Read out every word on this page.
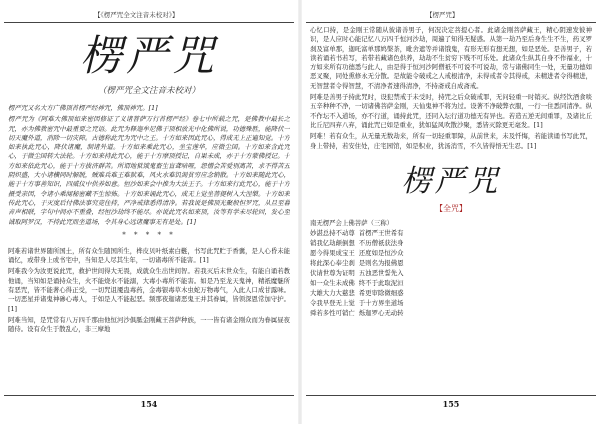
【《楞严咒全文注音未校对》】
楞严咒
（楞严咒全文注音未校对）

楞严咒又名大方广佛顶首楞严经神咒，佛顶神咒。[1]

楞严咒为《阿难大佛顶如来密因修证了义诸菩萨万行首楞严经》卷七中所载之咒，是佛教中最长之咒，亦为佛教密咒中最重要之咒语。此咒为释迦牟尼佛于顶相放光中化佛所说，功德殊胜，能降伏一切天魔外道，消除一切灾障。古德称此咒为咒中之王。十方如来因此咒心，得成无上正遍知觉。十方如来执此咒心，降伏诸魔，制诸外道。十方如来乘此咒心，坐宝莲华，应微尘国。十方如来含此咒心，于微尘国转大法轮。十方如来持此咒心，能于十方摩顶授记，自果未成，亦于十方蒙佛授记。十方如来依此咒心，能于十方拔济群苦。所谓地狱饿鬼畜生盲聋喑哑，怨憎会苦爱别离苦，求不得苦五阴炽盛，大小诸横同时解脱，贼难兵难王难狱难，风火水难饥渴贫穷应念销散。十方如来随此咒心，能于十方事善知识，四威仪中供养如意。恒沙如来会中推为大法王子。十方如来行此咒心，能于十方摄受亲因，令诸小乘闻秘密藏不生惊怖。十方如来诵此咒心，成无上觉坐菩提树入大涅槃。十方如来传此咒心，于灭度后付佛法事究竟住持，严净戒律悉得清净。若我说是佛顶光聚般怛罗咒，从旦至暮音声相联，字句中间亦不重叠，经恒沙劫终不能尽。亦说此咒名如来顶，汝等有学未尽轮回，发心至诚取阿罗汉，不持此咒而坐道场，令其身心远诸魔事无有是处。[1]

* * * * *

阿难若诸世界随所国土，所有众生随国所生，桦皮贝叶纸素白氎，书写此咒贮于香囊，是人心昏未能诵忆，或带身上或书宅中，当知是人尽其生年，一切诸毒所不能害。[1]

阿难我今为汝更说此咒，救护世间得大无畏，成就众生出世间智。若我灭后末世众生，有能自诵若教他诵，当知如是诵持众生，火不能烧水不能溺，大毒小毒所不能害。如是乃至龙天鬼神，精祇魔魅所有恶咒，皆不能著心得正受，一切咒诅魇蛊毒药，金毒银毒草木虫蛇万物毒气，入此人口成甘露味。一切恶星并诸鬼神碜心毒人，于如是人不能起恶。频那夜迦诸恶鬼王并其眷属，皆领深恩常加守护。[1]

阿难当知，是咒常有八万四千那由他恒河沙俱胝金刚藏王菩萨种族，一一皆有诸金刚众而为眷属昼夜随侍。设有众生于散乱心，非三摩地

154
【楞严咒】

心忆口持，是金刚王常随从彼诸善男子，何况决定菩提心者。此诸金刚菩萨藏王，精心阴速发彼神识，是人应时心能记忆八万四千恒河沙劫，周遍了知得无疑惑。从第一劫乃至后身生生不生，药叉罗刹及富单那，迦吒富单那鸠槃茶，毗舍遮等并诸饿鬼，有形无形有想无想，如是恶处。是善男子，若读若诵若书若写，若带若藏诸色供养，劫劫不生贫穷下贱不可乐处。此诸众生纵其自身不作福业，十方如来所有功德悉与此人，由是得于恒河沙阿僧祇不可说不可说劫，常与诸佛同生一处，无量功德如恶叉聚，同处熏修永无分散。是故能令破戒之人戒根清净，未得戒者令其得戒，未精进者令得精进，无智慧者令得智慧，不清净者速得清净，不持斋戒自成斋戒。

阿难是善男子持此咒时，设犯禁戒于未受时，持咒之后众破戒罪，无问轻重一时销灭。纵经饮酒食啖五辛种种不净，一切诸佛菩萨金刚，天仙鬼神不将为过。设著不净破弊衣服，一行一住悉同清净。纵不作坛不入道场，亦不行道，诵持此咒，还同入坛行道功德无有异也。若造五逆无间重罪，及诸比丘比丘尼四弃八弃，诵此咒已如是重业，犹如猛风吹散沙聚，悉皆灭除更无毫发。[1]

阿难！若有众生，从无量无数劫来，所有一切轻重罪障，从前世来，未及忏悔，若能读诵书写此咒，身上带持，若安住处，庄宅园馆，如是积业，犹汤消雪，不久皆得悟无生忍。[1]

楞严咒
【全咒】

南无楞严会上佛菩萨（三称）

妙湛总持不动尊  首楞严王世希有

销我亿劫颠倒想  不历僧祇获法身

愿今得果成宝王  还度如是恒沙众

将此深心奉尘刹  是则名为报佛恩

伏请世尊为证明  五浊恶世誓先入

如一众生未成佛  终不于此取泥洹

大雄大力大慈悲  希更审除微细惑

令我早登无上觉  于十方界坐道场

舜若多性可销亡  烁迦罗心无动转

155
